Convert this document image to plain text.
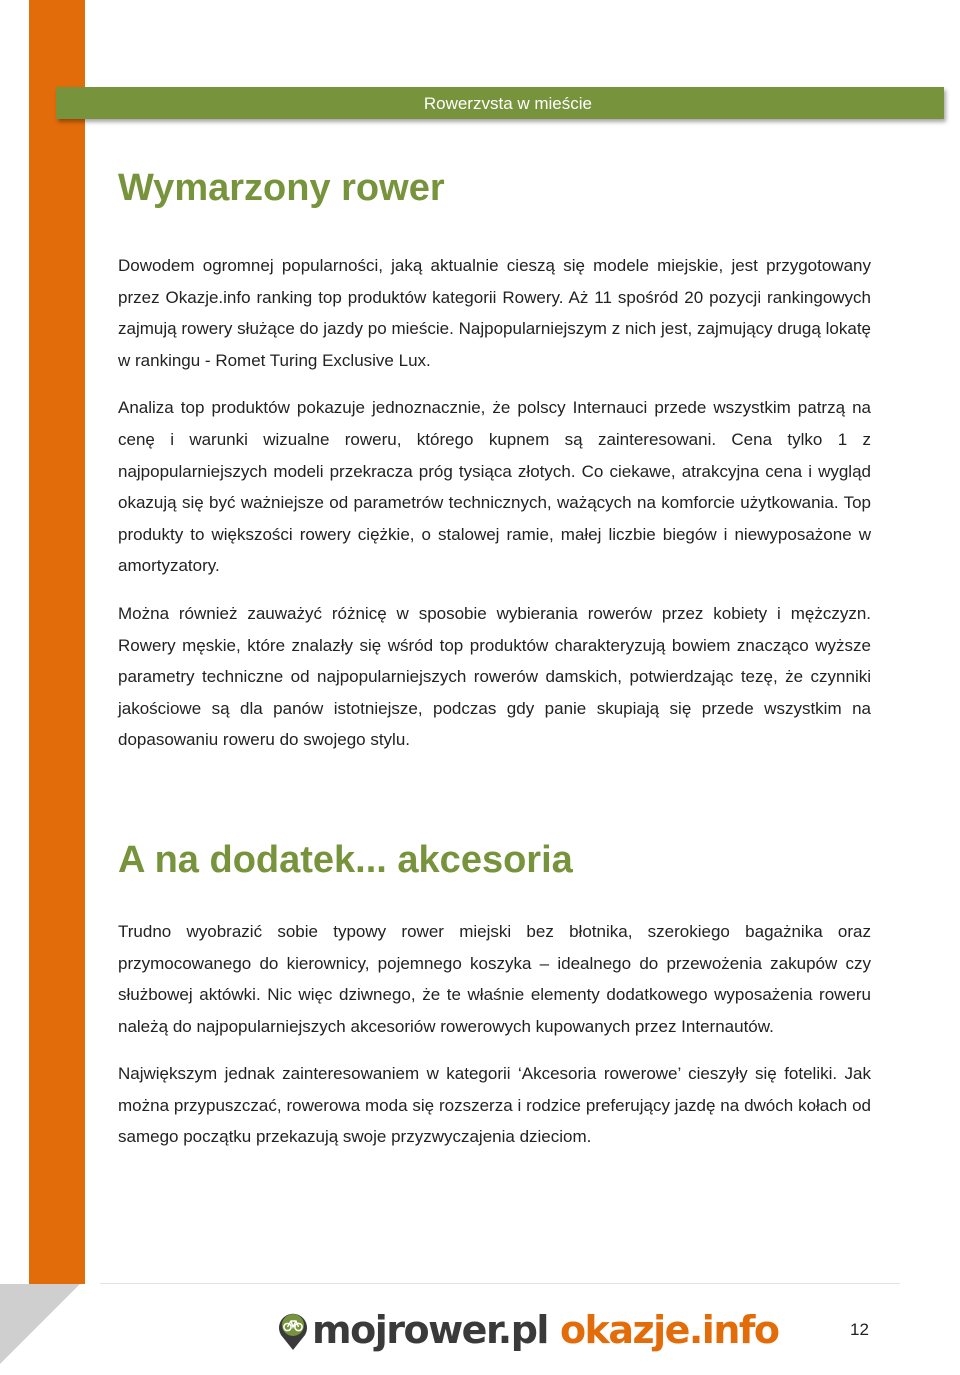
Rowerzvsta w mieście
Wymarzony rower

Dowodem ogromnej popularności, jaką aktualnie cieszą się modele miejskie, jest przygotowany przez Okazje.info ranking top produktów kategorii Rowery. Aż 11 spośród 20 pozycji rankingowych zajmują rowery służące do jazdy po mieście. Najpopularniejszym z nich jest, zajmujący drugą lokatę w rankingu - Romet Turing Exclusive Lux.

Analiza top produktów pokazuje jednoznacznie, że polscy Internauci przede wszystkim patrzą na cenę i warunki wizualne roweru, którego kupnem są zainteresowani. Cena tylko 1 z najpopularniejszych modeli przekracza próg tysiąca złotych. Co ciekawe, atrakcyjna cena i wygląd okazują się być ważniejsze od parametrów technicznych, ważących na komforcie użytkowania. Top produkty to większości rowery ciężkie, o stalowej ramie, małej liczbie biegów i niewyposażone w amortyzatory.

Można również zauważyć różnicę w sposobie wybierania rowerów przez kobiety i mężczyzn. Rowery męskie, które znalazły się wśród top produktów charakteryzują bowiem znacząco wyższe parametry techniczne od najpopularniejszych rowerów damskich, potwierdzając tezę, że czynniki jakościowe są dla panów istotniejsze, podczas gdy panie skupiają się przede wszystkim na dopasowaniu roweru do swojego stylu.

A na dodatek... akcesoria

Trudno wyobrazić sobie typowy rower miejski bez błotnika, szerokiego bagażnika oraz przymocowanego do kierownicy, pojemnego koszyka – idealnego do przewożenia zakupów czy służbowej aktówki. Nic więc dziwnego, że te właśnie elementy dodatkowego wyposażenia roweru należą do najpopularniejszych akcesoriów rowerowych kupowanych przez Internautów.

Największym jednak zainteresowaniem w kategorii ‘Akcesoria rowerowe’ cieszyły się foteliki. Jak można przypuszczać, rowerowa moda się rozszerza i rodzice preferujący jazdę na dwóch kołach od samego początku przekazują swoje przyzwyczajenia dzieciom.

mojrower.pl okazje.info	12
